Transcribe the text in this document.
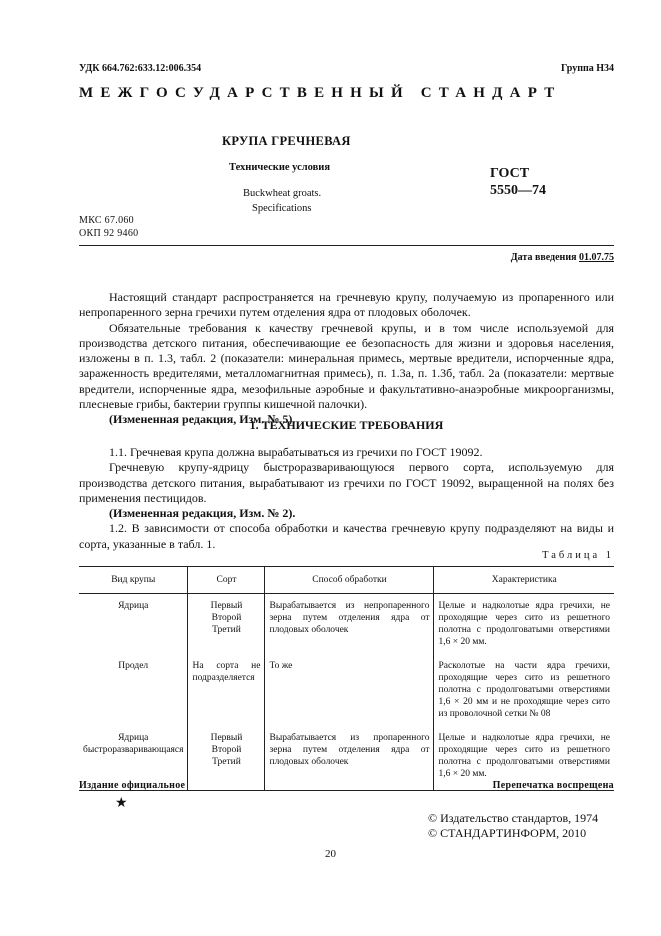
УДК 664.762:633.12:006.354	Группа Н34
МЕЖГОСУДАРСТВЕННЫЙ СТАНДАРТ
КРУПА ГРЕЧНЕВАЯ
Технические условия
Buckwheat groats.
Specifications
ГОСТ
5550—74
МКС 67.060
ОКП 92 9460
Дата введения 01.07.75

Настоящий стандарт распространяется на гречневую крупу, получаемую из пропаренного или непропаренного зерна гречихи путем отделения ядра от плодовых оболочек.

Обязательные требования к качеству гречневой крупы, и в том числе используемой для производства детского питания, обеспечивающие ее безопасность для жизни и здоровья населения, изложены в п. 1.3, табл. 2 (показатели: минеральная примесь, мертвые вредители, испорченные ядра, зараженность вредителями, металломагнитная примесь), п. 1.3а, п. 1.3б, табл. 2а (показатели: мертвые вредители, испорченные ядра, мезофильные аэробные и факультативно-анаэробные микроорганизмы, плесневые грибы, бактерии группы кишечной палочки).

(Измененная редакция, Изм. № 5).

1. ТЕХНИЧЕСКИЕ ТРЕБОВАНИЯ

1.1. Гречневая крупа должна вырабатываться из гречихи по ГОСТ 19092.

Гречневую крупу-ядрицу быстроразваривающуюся первого сорта, используемую для производства детского питания, вырабатывают из гречихи по ГОСТ 19092, выращенной на полях без применения пестицидов.

(Измененная редакция, Изм. № 2).

1.2. В зависимости от способа обработки и качества гречневую крупу подразделяют на виды и сорта, указанные в табл. 1.

Таблица 1
Вид крупы	Сорт	Способ обработки	Характеристика
Ядрица	Первый
Второй
Третий	Вырабатывается из непропаренного зерна путем отделения ядра от плодовых оболочек	Целые и надколотые ядра гречихи, не проходящие через сито из решетного полотна с продолговатыми отверстиями 1,6 × 20 мм.
Продел	На сорта не подразделяется	То же	Расколотые на части ядра гречихи, проходящие через сито из решетного полотна с продолговатыми отверстиями 1,6 × 20 мм и не проходящие через сито из проволочной сетки № 08
Ядрица быстроразваривающаяся	Первый
Второй
Третий	Вырабатывается из пропаренного зерна путем отделения ядра от плодовых оболочек	Целые и надколотые ядра гречихи, не проходящие через сито из решетного полотна с продолговатыми отверстиями 1,6 × 20 мм.
Издание официальное	Перепечатка воспрещена
★
© Издательство стандартов, 1974
© СТАНДАРТИНФОРМ, 2010
20
